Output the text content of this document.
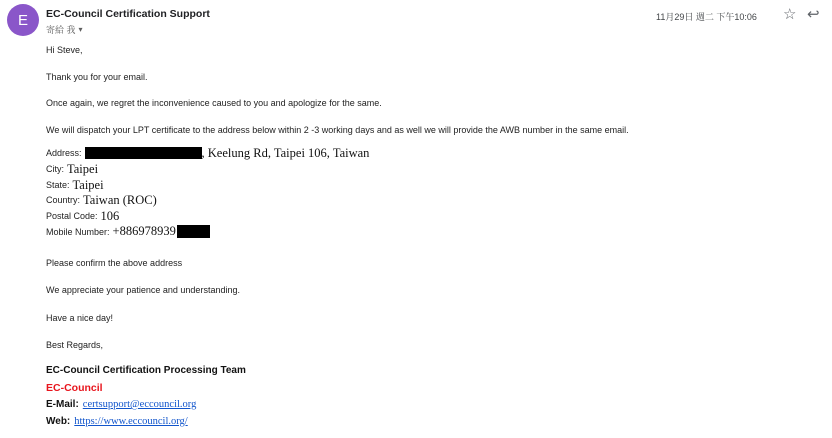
E EC-Council Certification Support
寄給 我 ▾
11月29日 週二 下午10:06 ☆ ↩
Hi Steve,
Thank you for your email.
Once again, we regret the inconvenience caused to you and apologize for the same.
We will dispatch your LPT certificate to the address below within 2 -3 working days and as well we will provide the AWB number in the same email.
Address:	, Keelung Rd, Taipei 106, Taiwan
City: Taipei
State: Taipei
Country: Taiwan (ROC)
Postal Code: 106
Mobile Number: +886978939
Please confirm the above address
We appreciate your patience and understanding.
Have a nice day!
Best Regards,
EC-Council Certification Processing Team
EC-Council
E-Mail: certsupport@eccouncil.org
Web: https://www.eccouncil.org/
